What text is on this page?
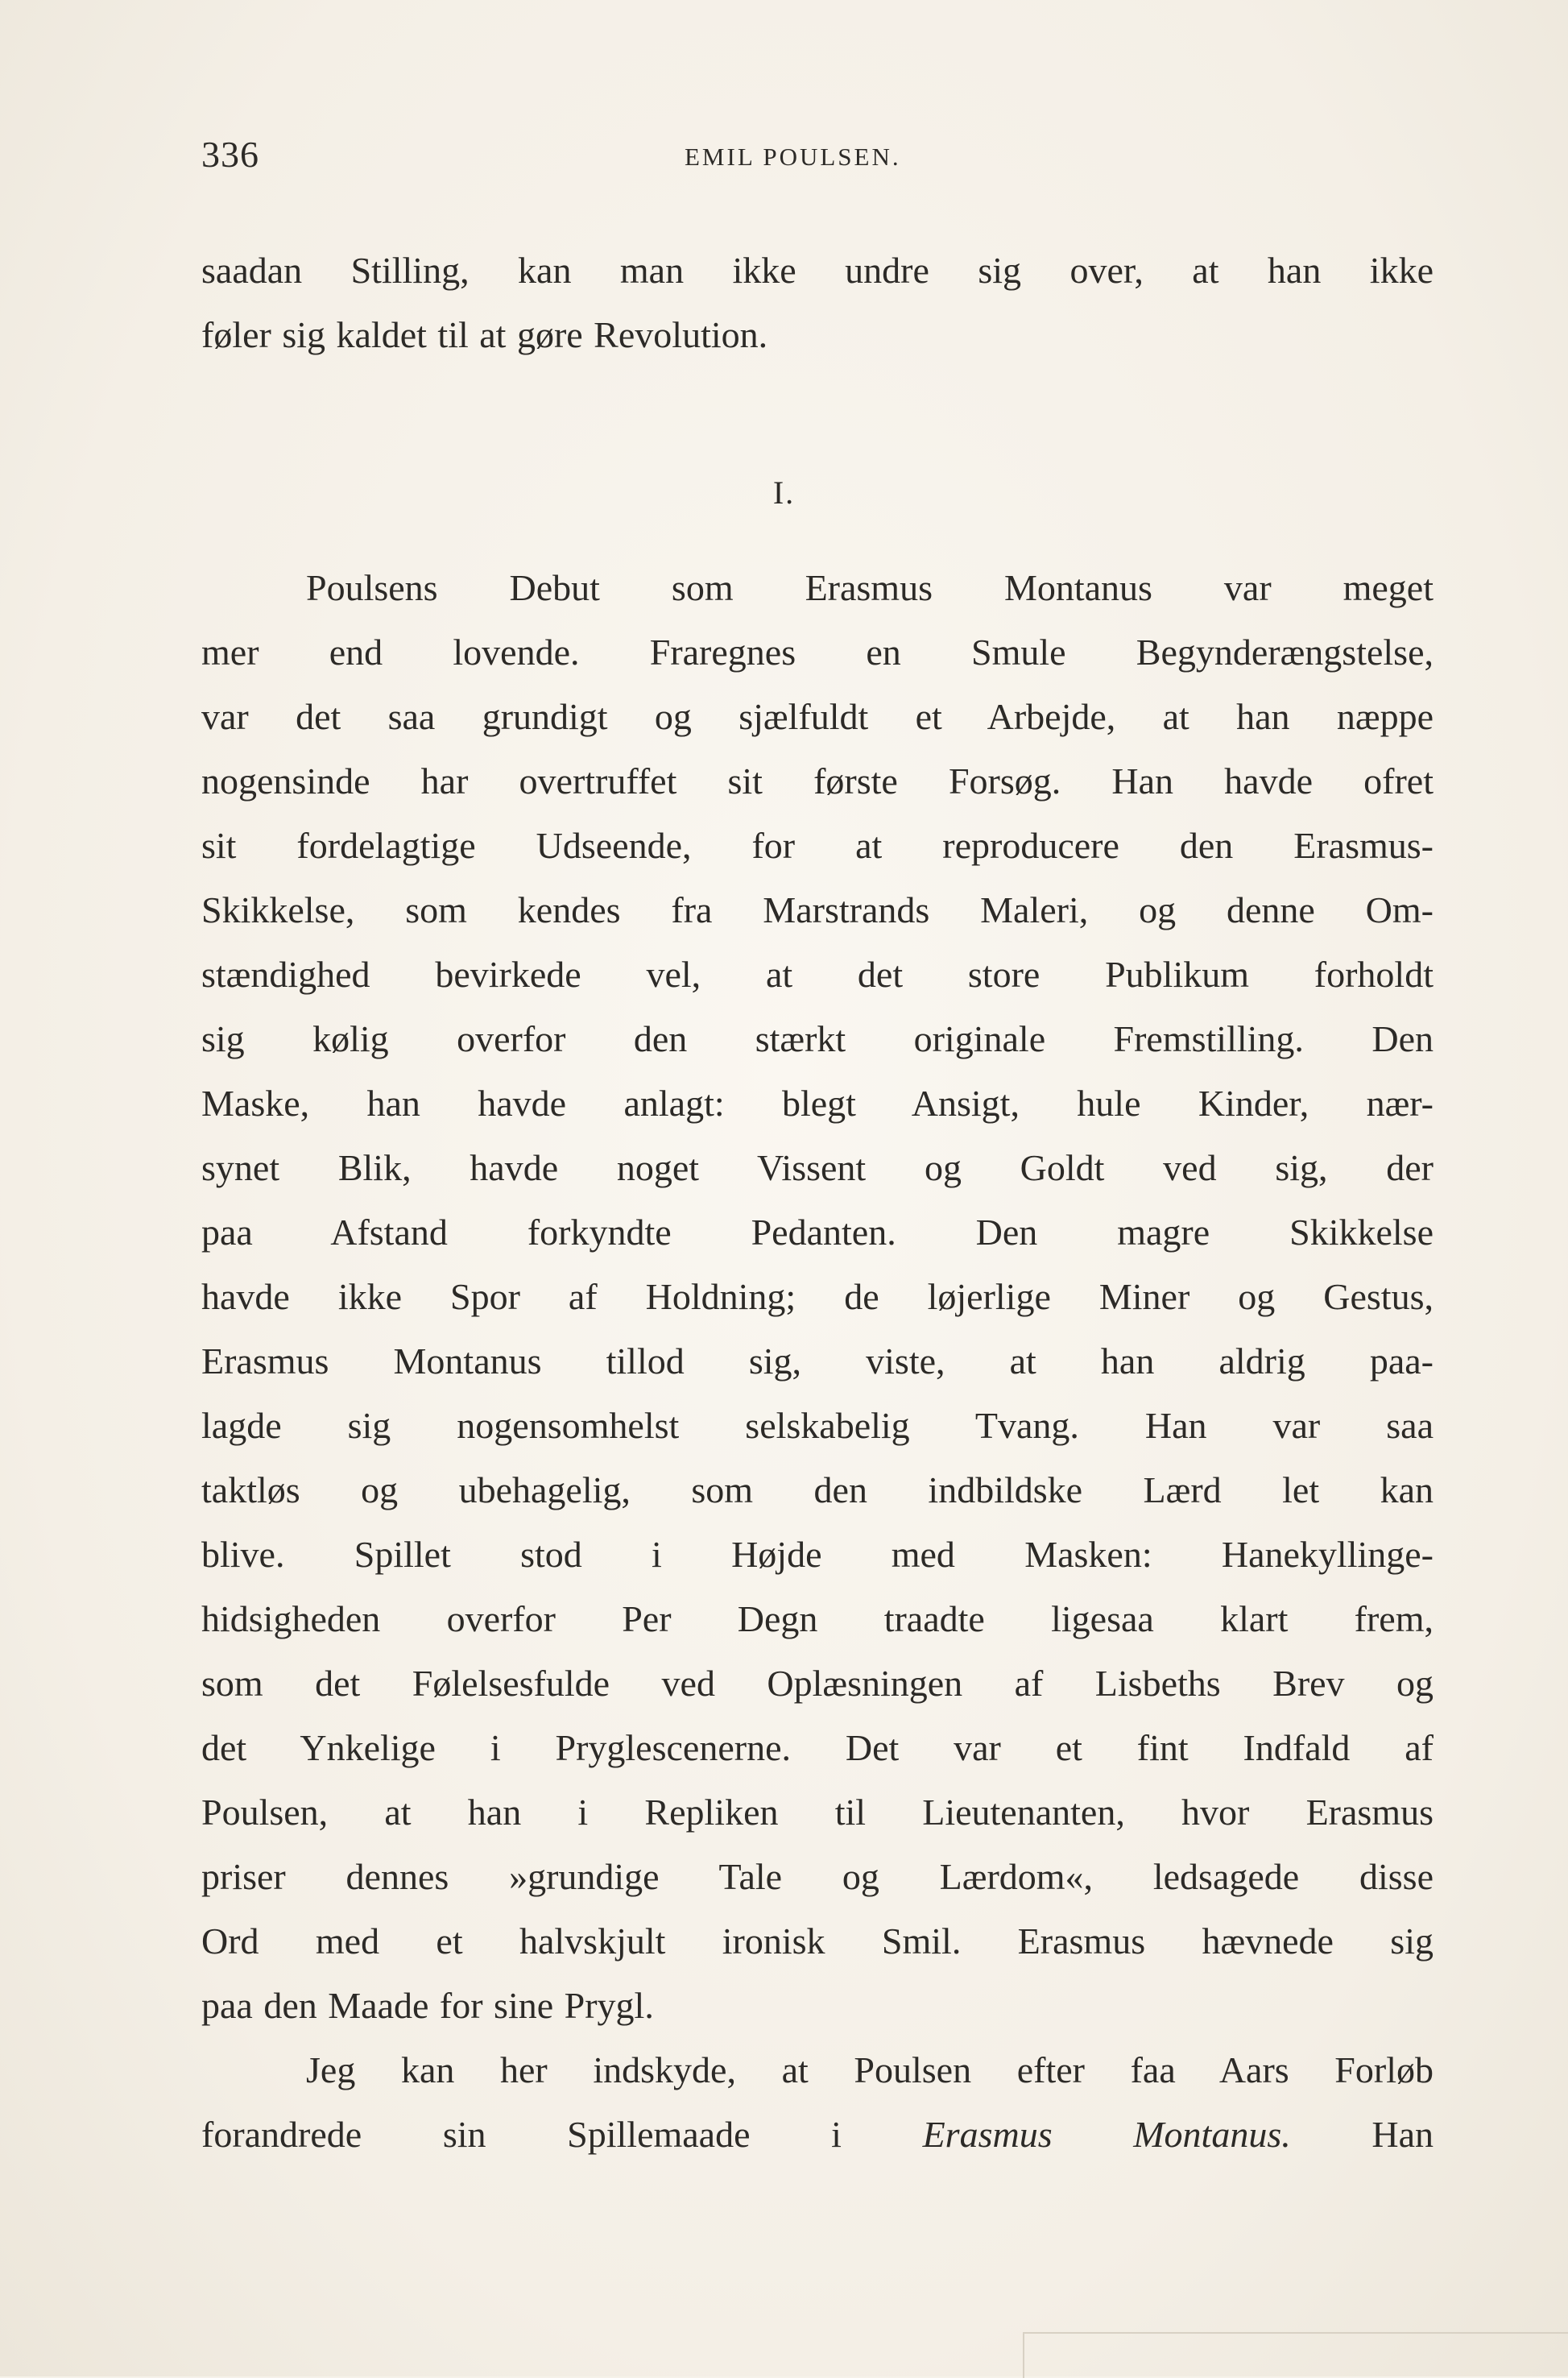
336	EMIL POULSEN.
saadan Stilling, kan man ikke undre sig over, at han ikke
føler sig kaldet til at gøre Revolution.
I.
Poulsens Debut som Erasmus Montanus var meget
mer end lovende. Fraregnes en Smule Begynderængstelse,
var det saa grundigt og sjælfuldt et Arbejde, at han næppe
nogensinde har overtruffet sit første Forsøg. Han havde ofret
sit fordelagtige Udseende, for at reproducere den Erasmus-
Skikkelse, som kendes fra Marstrands Maleri, og denne Om-
stændighed bevirkede vel, at det store Publikum forholdt
sig kølig overfor den stærkt originale Fremstilling. Den
Maske, han havde anlagt: blegt Ansigt, hule Kinder, nær-
synet Blik, havde noget Vissent og Goldt ved sig, der
paa Afstand forkyndte Pedanten. Den magre Skikkelse
havde ikke Spor af Holdning; de løjerlige Miner og Gestus,
Erasmus Montanus tillod sig, viste, at han aldrig paa-
lagde sig nogensomhelst selskabelig Tvang. Han var saa
taktløs og ubehagelig, som den indbildske Lærd let kan
blive. Spillet stod i Højde med Masken: Hanekyllinge-
hidsigheden overfor Per Degn traadte ligesaa klart frem,
som det Følelsesfulde ved Oplæsningen af Lisbeths Brev og
det Ynkelige i Pryglescenerne. Det var et fint Indfald af
Poulsen, at han i Repliken til Lieutenanten, hvor Erasmus
priser dennes »grundige Tale og Lærdom«, ledsagede disse
Ord med et halvskjult ironisk Smil. Erasmus hævnede sig
paa den Maade for sine Prygl.
Jeg kan her indskyde, at Poulsen efter faa Aars Forløb
forandrede sin Spillemaade i Erasmus Montanus. Han
